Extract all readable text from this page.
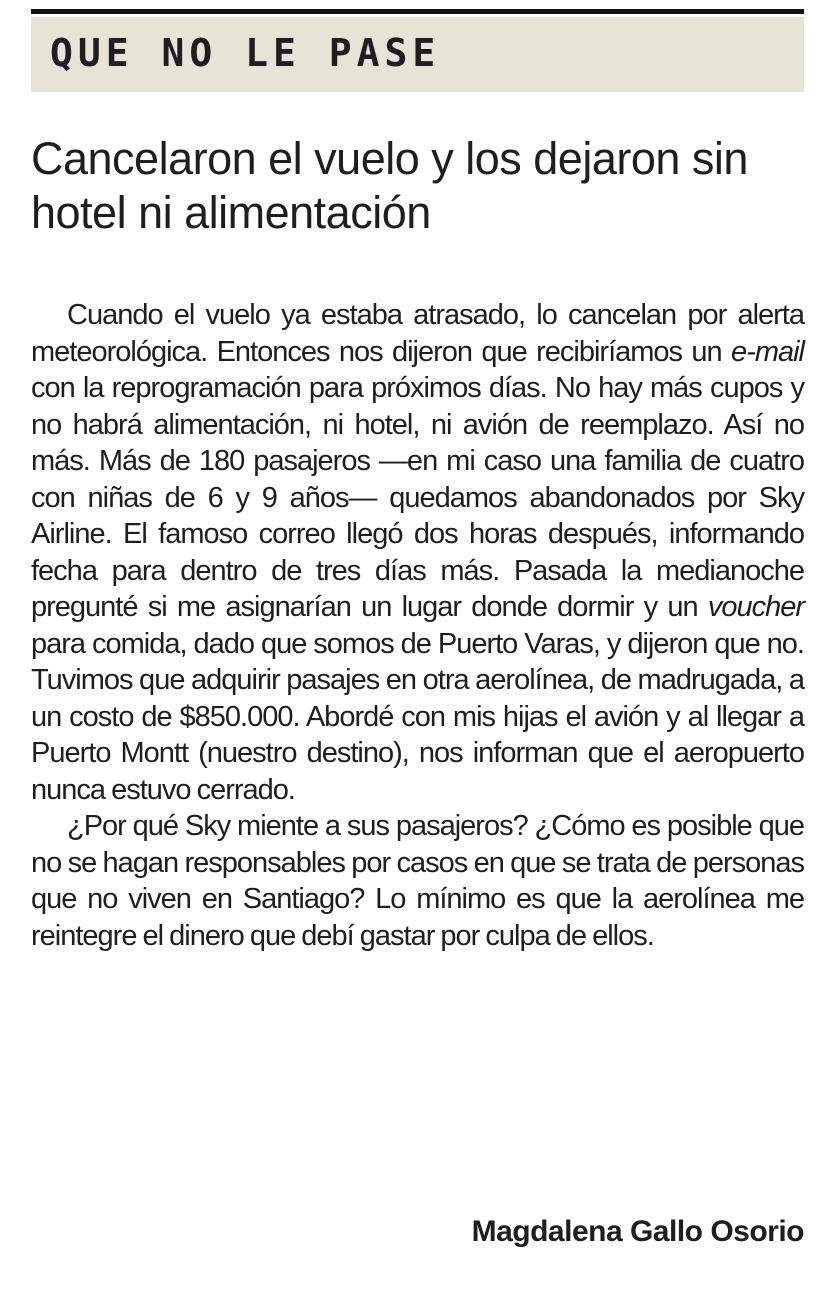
QUE NO LE PASE
Cancelaron el vuelo y los dejaron sin hotel ni alimentación

Cuando el vuelo ya estaba atrasado, lo cancelan por alerta meteorológica. Entonces nos dijeron que recibiríamos un e-mail con la reprogramación para próximos días. No hay más cupos y no habrá alimentación, ni hotel, ni avión de reemplazo. Así no más. Más de 180 pasajeros —en mi caso una familia de cuatro con niñas de 6 y 9 años— quedamos abandonados por Sky Airline. El famoso correo llegó dos horas después, informando fecha para dentro de tres días más. Pasada la medianoche pregunté si me asignarían un lugar donde dormir y un voucher para comida, dado que somos de Puerto Varas, y dijeron que no. Tuvimos que adquirir pasajes en otra aerolínea, de madrugada, a un costo de $850.000. Abordé con mis hijas el avión y al llegar a Puerto Montt (nuestro destino), nos informan que el aeropuerto nunca estuvo cerrado.

¿Por qué Sky miente a sus pasajeros? ¿Cómo es posible que no se hagan responsables por casos en que se trata de personas que no viven en Santiago? Lo mínimo es que la aerolínea me reintegre el dinero que debí gastar por culpa de ellos.

Magdalena Gallo Osorio
